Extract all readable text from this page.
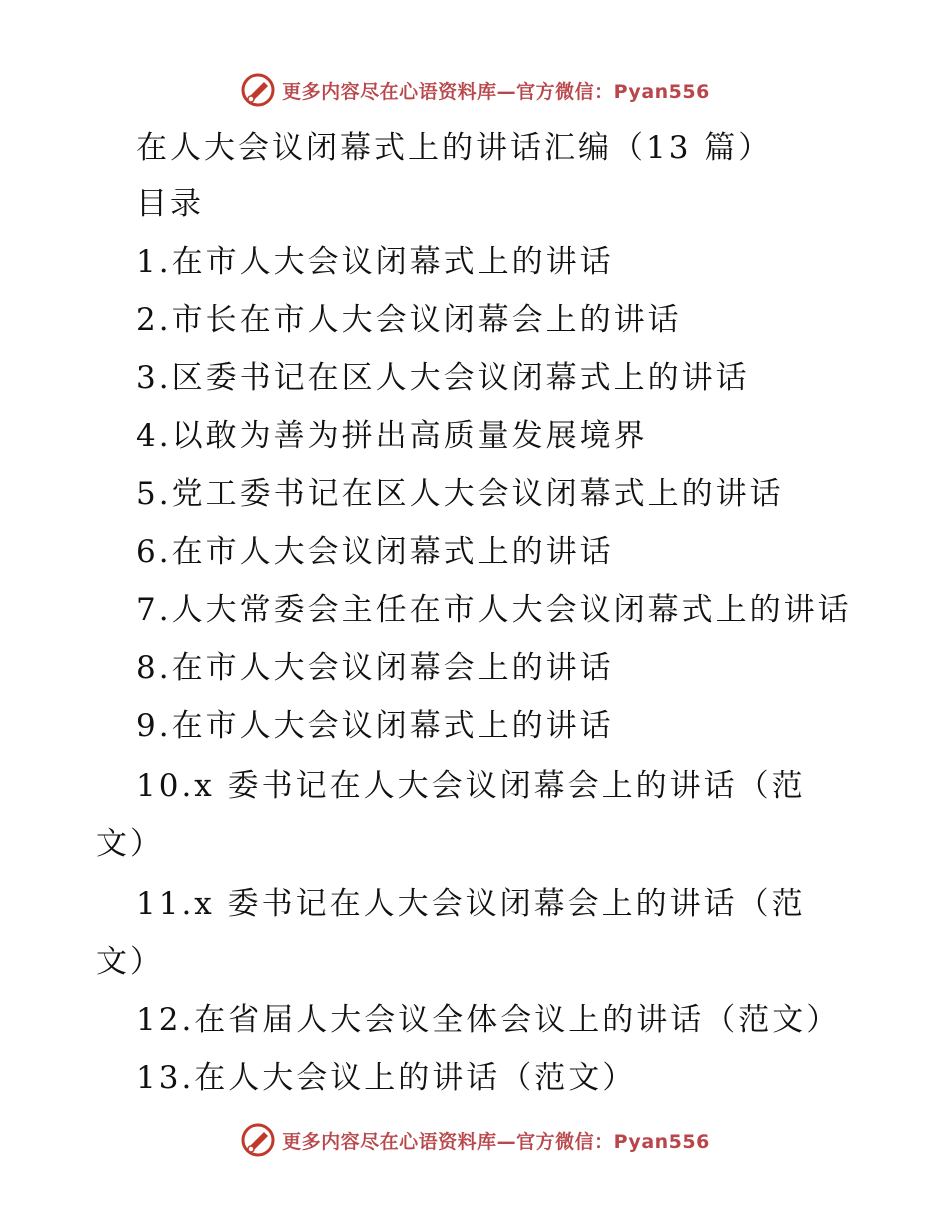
更多内容尽在心语资料库—官方微信：Pyan556
在人大会议闭幕式上的讲话汇编（13 篇）
目录
1.在市人大会议闭幕式上的讲话
2.市长在市人大会议闭幕会上的讲话
3.区委书记在区人大会议闭幕式上的讲话
4.以敢为善为拼出高质量发展境界
5.党工委书记在区人大会议闭幕式上的讲话
6.在市人大会议闭幕式上的讲话
7.人大常委会主任在市人大会议闭幕式上的讲话
8.在市人大会议闭幕会上的讲话
9.在市人大会议闭幕式上的讲话
10.x 委书记在人大会议闭幕会上的讲话（范
文）
11.x 委书记在人大会议闭幕会上的讲话（范
文）
12.在省届人大会议全体会议上的讲话（范文）
13.在人大会议上的讲话（范文）
更多内容尽在心语资料库—官方微信：Pyan556
